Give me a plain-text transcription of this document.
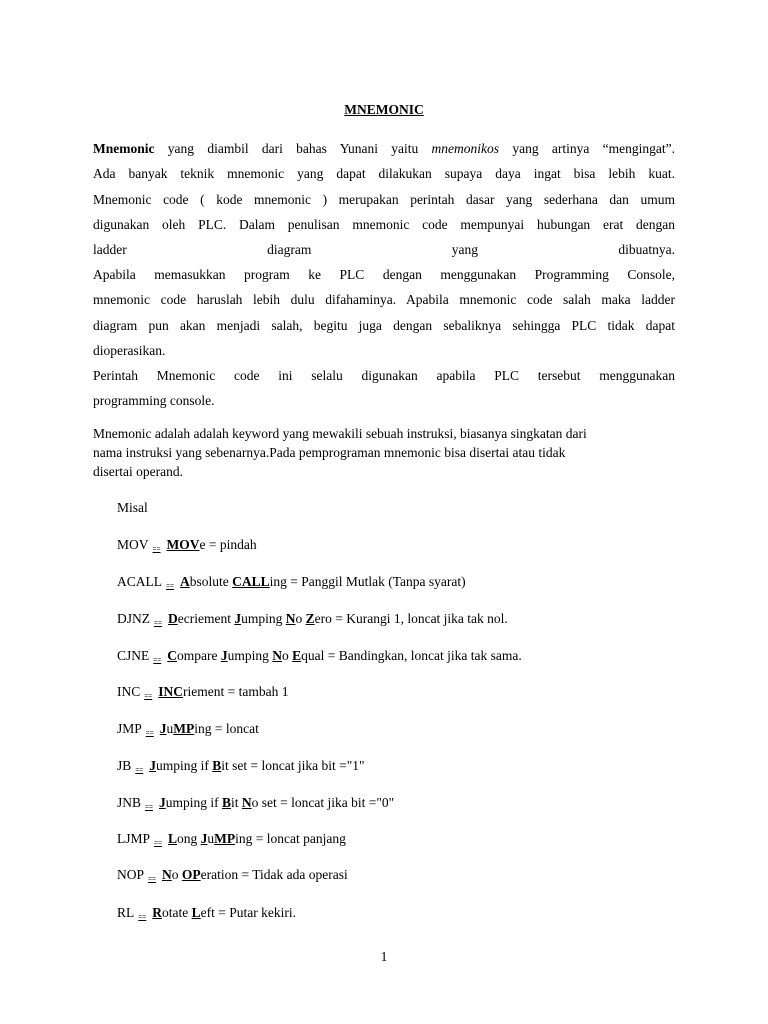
MNEMONIC
Mnemonic yang diambil dari bahas Yunani yaitu mnemonikos yang artinya “mengingat”.
Ada banyak teknik mnemonic yang dapat dilakukan supaya daya ingat bisa lebih kuat.
Mnemonic code ( kode mnemonic ) merupakan perintah dasar yang sederhana dan umum
digunakan oleh PLC. Dalam penulisan mnemonic code mempunyai hubungan erat dengan
ladder diagram yang dibuatnya.
Apabila memasukkan program ke PLC dengan menggunakan Programming Console,
mnemonic code haruslah lebih dulu difahaminya. Apabila mnemonic code salah maka ladder
diagram pun akan menjadi salah, begitu juga dengan sebaliknya sehingga PLC tidak dapat
dioperasikan.
Perintah Mnemonic code ini selalu digunakan apabila PLC tersebut menggunakan
programming console.
Mnemonic adalah adalah keyword yang mewakili sebuah instruksi, biasanya singkatan dari
nama instruksi yang sebenarnya.Pada pemprograman mnemonic bisa disertai atau tidak
disertai operand.
Misal
MOV == MOVe = pindah
ACALL == Absolute CALLing = Panggil Mutlak (Tanpa syarat)
DJNZ == Decriement Jumping No Zero = Kurangi 1, loncat jika tak nol.
CJNE == Compare Jumping No Equal = Bandingkan, loncat jika tak sama.
INC == INCriement = tambah 1
JMP == JuMPing = loncat
JB == Jumping if Bit set = loncat jika bit ="1"
JNB == Jumping if Bit No set = loncat jika bit ="0"
LJMP == Long JuMPing = loncat panjang
NOP == No OPeration = Tidak ada operasi
RL == Rotate Left = Putar kekiri.
1
